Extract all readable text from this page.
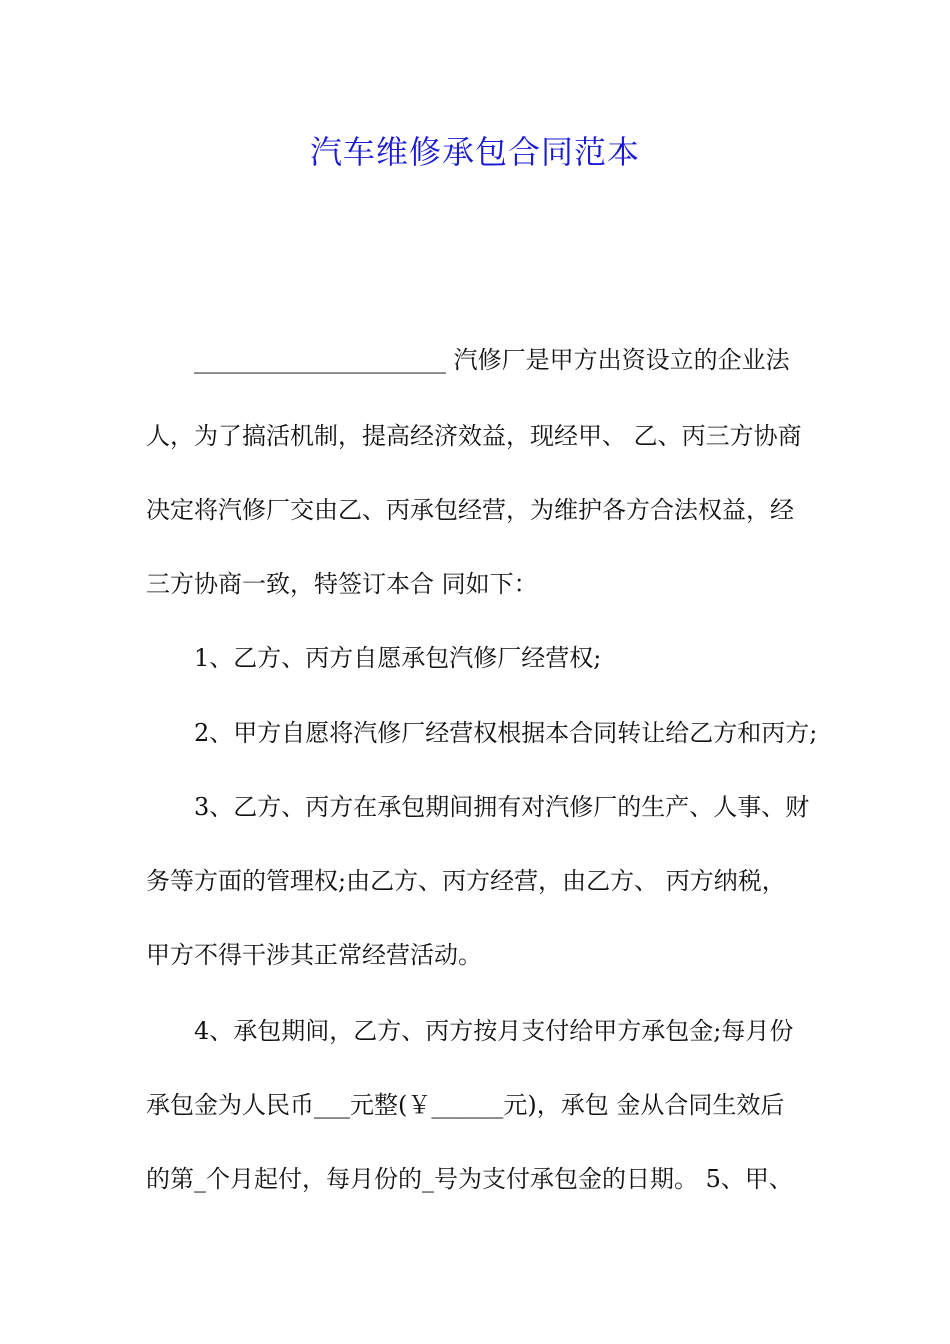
汽车维修承包合同范本
　　_____________________ 汽修厂是甲方出资设立的企业法
人，为了搞活机制，提高经济效益，现经甲、 乙、丙三方协商
决定将汽修厂交由乙、丙承包经营，为维护各方合法权益，经
三方协商一致，特签订本合 同如下：
　　1、乙方、丙方自愿承包汽修厂经营权;
　　2、甲方自愿将汽修厂经营权根据本合同转让给乙方和丙方;
　　3、乙方、丙方在承包期间拥有对汽修厂的生产、人事、财
务等方面的管理权;由乙方、丙方经营，由乙方、 丙方纳税，
甲方不得干涉其正常经营活动。
　　4、承包期间，乙方、丙方按月支付给甲方承包金;每月份
承包金为人民币___元整(￥______元)，承包 金从合同生效后
的第_个月起付，每月份的_号为支付承包金的日期。 5、甲、
